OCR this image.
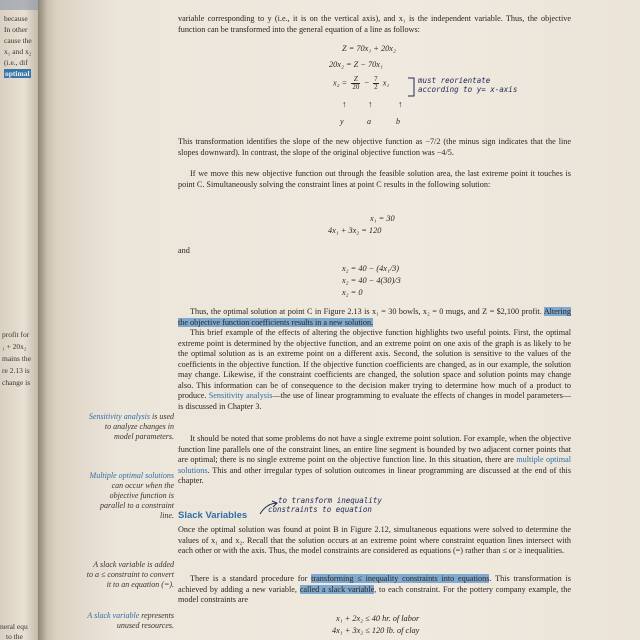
because
In other
cause the
x₁ and x₂
(i.e., dif
optimal
profit for
₁ + 20x₂
mains the
re 2.13 is
change is
neral equ
to the
variable corresponding to y (i.e., it is on the vertical axis), and x₁ is the independent variable. Thus, the objective function can be transformed into the general equation of a line as follows:
Z = 70x₁ + 20x₂
20x₂ = Z − 70x₁
$x_2 = \frac{Z}{20} - \frac{7}{2} x_1$
↑ ↑	↑
y	a	b
must reorientate
according to y= x-axis
This transformation identifies the slope of the new objective function as −7/2 (the minus sign indicates that the line slopes downward). In contrast, the slope of the original objective function was −4/5.
If we move this new objective function out through the feasible solution area, the last extreme point it touches is point C. Simultaneously solving the constraint lines at point C results in the following solution:
x₁ = 30
4x₁ + 3x₂ = 120
and
x₂ = 40 − (4x₁/3)
x₂ = 40 − 4(30)/3
x₂ = 0
Thus, the optimal solution at point C in Figure 2.13 is x₁ = 30 bowls, x₂ = 0 mugs, and Z = $2,100 profit. Altering the objective function coefficients results in a new solution.
This brief example of the effects of altering the objective function highlights two useful points. First, the optimal extreme point is determined by the objective function, and an extreme point on one axis of the graph is as likely to be the optimal solution as is an extreme point on a different axis. Second, the solution is sensitive to the values of the coefficients in the objective function. If the objective function coefficients are changed, as in our example, the solution may change. Likewise, if the constraint coefficients are changed, the solution space and solution points may change also. This information can be of consequence to the decision maker trying to determine how much of a product to produce. Sensitivity analysis—the use of linear programming to evaluate the effects of changes in model parameters—is discussed in Chapter 3.
It should be noted that some problems do not have a single extreme point solution. For example, when the objective function line parallels one of the constraint lines, an entire line segment is bounded by two adjacent corner points that are optimal; there is no single extreme point on the objective function line. In this situation, there are multiple optimal solutions. This and other irregular types of solution outcomes in linear programming are discussed at the end of this chapter.
Sensitivity analysis is used to analyze changes in model parameters.
Multiple optimal solutions can occur when the objective function is parallel to a constraint line.
A slack variable is added to a ≤ constraint to convert it to an equation (=).
A slack variable represents unused resources.
Slack Variables
to transform inequality
constraints to equation
Once the optimal solution was found at point B in Figure 2.12, simultaneous equations were solved to determine the values of x₁ and x₂. Recall that the solution occurs at an extreme point where constraint equation lines intersect with each other or with the axis. Thus, the model constraints are considered as equations (=) rather than ≤ or ≥ inequalities.
There is a standard procedure for transforming ≤ inequality constraints into equations. This transformation is achieved by adding a new variable, called a slack variable, to each constraint. For the pottery company example, the model constraints are
x₁ + 2x₂ ≤ 40 hr. of labor
4x₁ + 3x₂ ≤ 120 lb. of clay
